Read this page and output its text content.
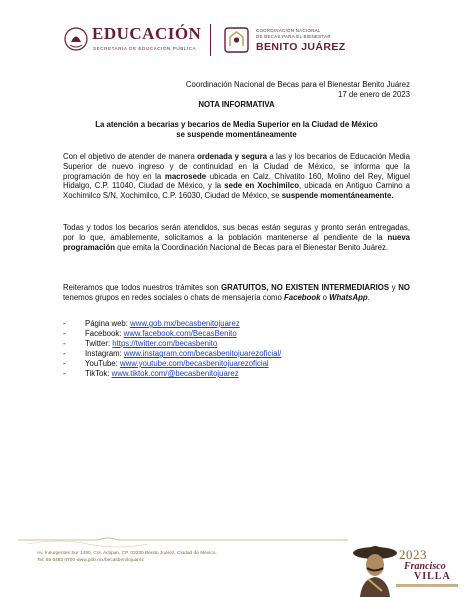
EDUCACIÓN
SECRETARÍA DE EDUCACIÓN PÚBLICA
COORDINACIÓN NACIONAL
DE BECAS PARA EL BIENESTAR
BENITO JUÁREZ
Coordinación Nacional de Becas para el Bienestar Benito Juárez
17 de enero de 2023
NOTA INFORMATIVA
La atención a becarias y becarios de Media Superior en la Ciudad de México
se suspende momentáneamente

Con el objetivo de atender de manera ordenada y segura a las y los becarios de Educación Media Superior de nuevo ingreso y de continuidad en la Ciudad de México, se informa que la programación de hoy en la macrosede ubicada en Calz. Chivatito 160, Molino del Rey, Miguel Hidalgo, C.P. 11040, Ciudad de México, y la sede en Xochimilco, ubicada en Antiguo Camino a Xochimilco S/N, Xochimilco, C.P. 16030, Ciudad de México, se suspende momentáneamente.

Todas y todos los becarios serán atendidos, sus becas están seguras y pronto serán entregadas, por lo que, amablemente, solicitamos a la población mantenerse al pendiente de la nueva programación que emita la Coordinación Nacional de Becas para el Bienestar Benito Juárez.

Reiteramos que todos nuestros trámites son GRATUITOS, NO EXISTEN INTERMEDIARIOS y NO tenemos grupos en redes sociales o chats de mensajería como Facebook o WhatsApp.

- Página web: www.gob.mx/becasbenitojuarez
- Facebook: www.facebook.com/BecasBenito
- Twitter: https://twitter.com/becasbenito
- Instagram: www.instagram.com/becasbenitojuarezoficial/
- YouTube: www.youtube.com/becasbenitojuarezoficial
- TikTok: www.tiktok.com/@becasbenitojuarez
Av. Insurgentes Sur 1480, Col. Actipan, CP. 03230 Benito Juárez, Ciudad de México.
Tel: 55 5482 0700 www.gob.mx/becasbenitojuarez	2023
Francisco
VILLA
